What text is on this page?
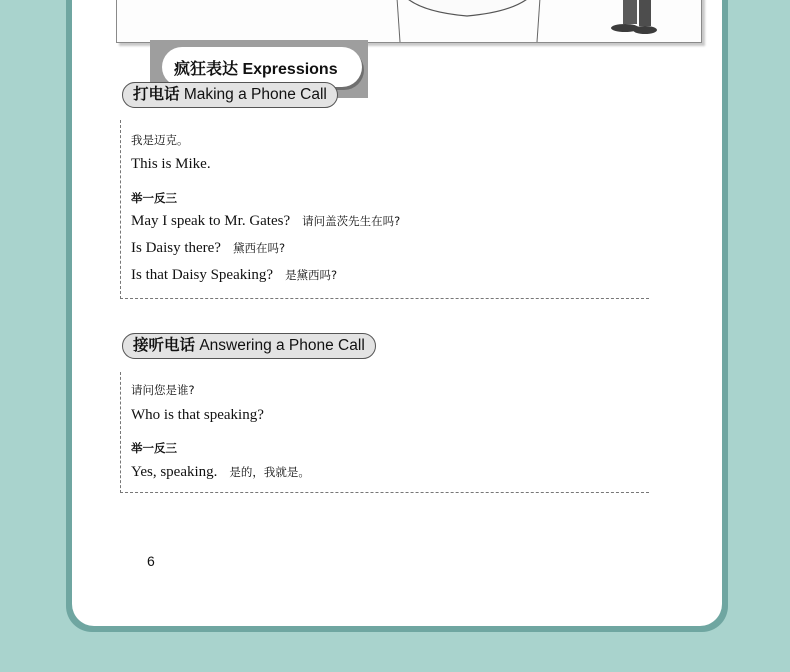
疯狂表达 Expressions
打电话 Making a Phone Call
我是迈克。
This is Mike.
举一反三
May I speak to Mr. Gates? 请问盖茨先生在吗?
Is Daisy there? 黛西在吗?
Is that Daisy Speaking? 是黛西吗?
接听电话 Answering a Phone Call
请问您是谁?
Who is that speaking?
举一反三
Yes, speaking. 是的，我就是。
6
